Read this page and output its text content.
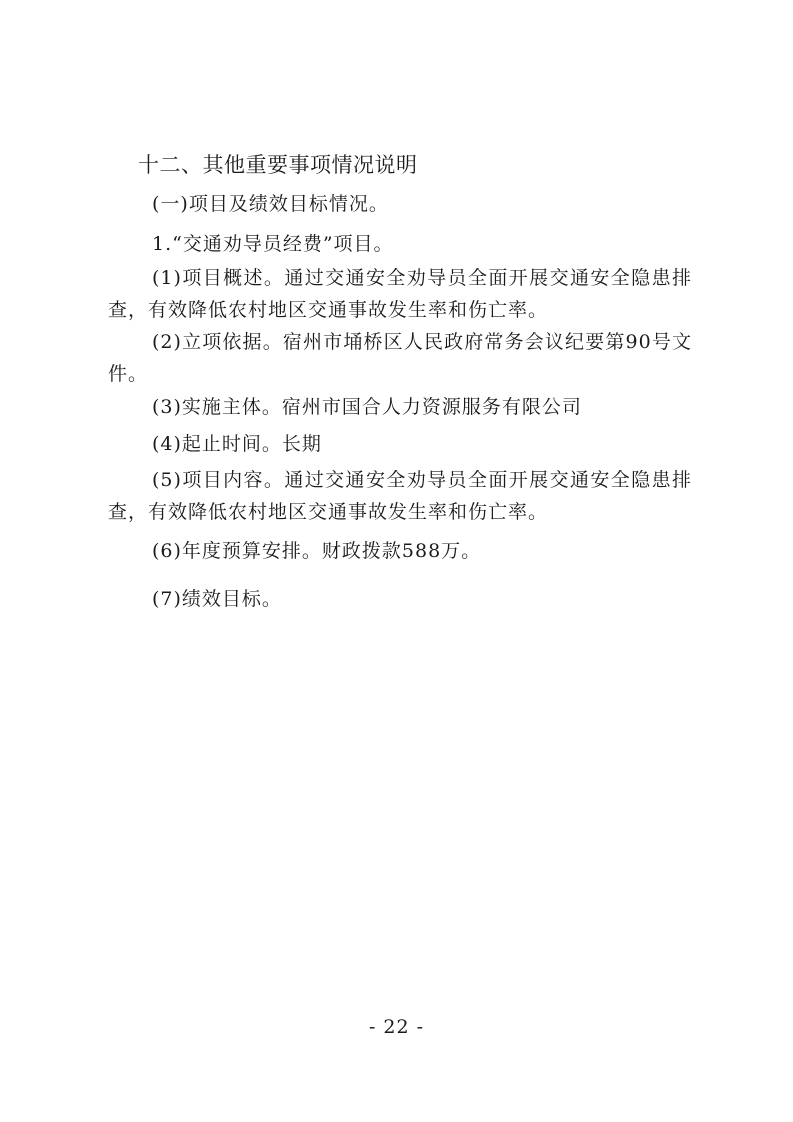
十二、其他重要事项情况说明
(一)项目及绩效目标情况。
1.“交通劝导员经费”项目。
(1)项目概述。通过交通安全劝导员全面开展交通安全隐患排查，有效降低农村地区交通事故发生率和伤亡率。
(2)立项依据。宿州市埇桥区人民政府常务会议纪要第90号文件。
(3)实施主体。宿州市国合人力资源服务有限公司
(4)起止时间。长期
(5)项目内容。通过交通安全劝导员全面开展交通安全隐患排查，有效降低农村地区交通事故发生率和伤亡率。
(6)年度预算安排。财政拨款588万。
(7)绩效目标。
- 22 -
